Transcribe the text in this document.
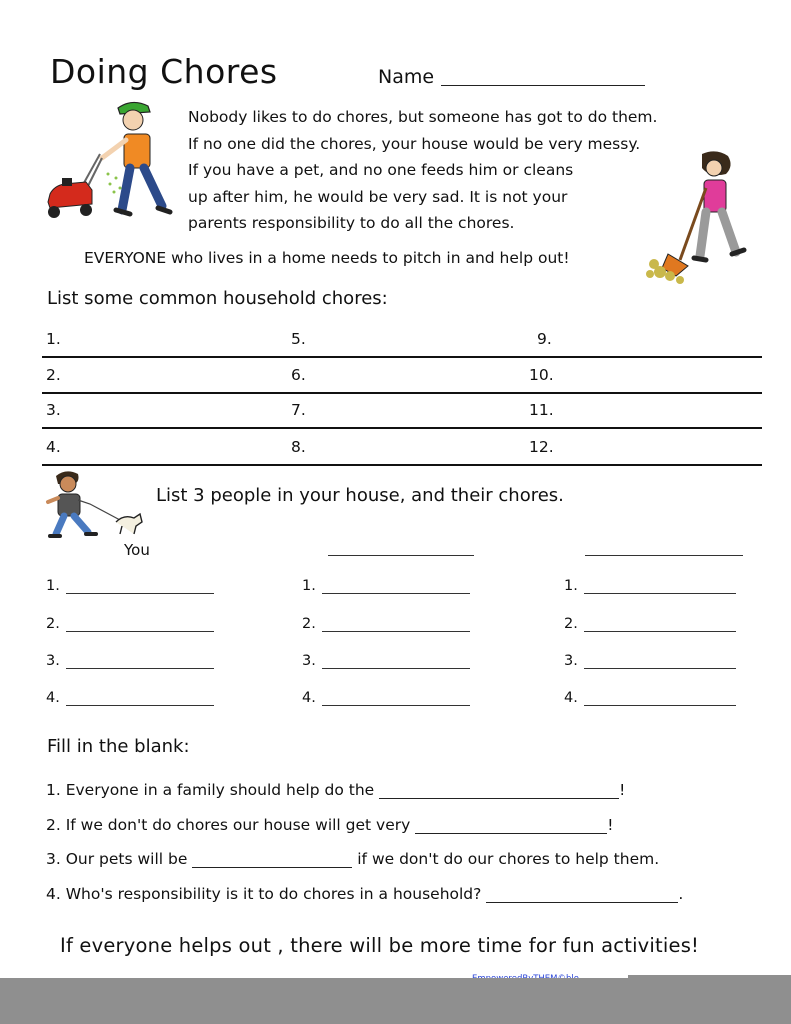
Doing Chores	Name
Nobody likes to do chores, but someone has got to do them.
If no one did the chores, your house would be very messy.
If you have a pet, and no one feeds him or cleans
up after him, he would be very sad. It is not your
parents responsibility to do all the chores.
EVERYONE who lives in a home needs to pitch in and help out!
List some common household chores:
1.	5.	9.
2.	6.	10.
3.	7.	11.
4.	8.	12.
List 3 people in your house, and their chores.
You
1.	1.	1.
2.	2.	2.
3.	3.	3.
4.	4.	4.
Fill in the blank:
1. Everyone in a family should help do the	!
2. If we don't do chores our house will get very	!
3. Our pets will be	if we don't do our chores to help them.
4. Who's responsibility is it to do chores in a household?	.
If everyone helps out , there will be more time for fun activities!
